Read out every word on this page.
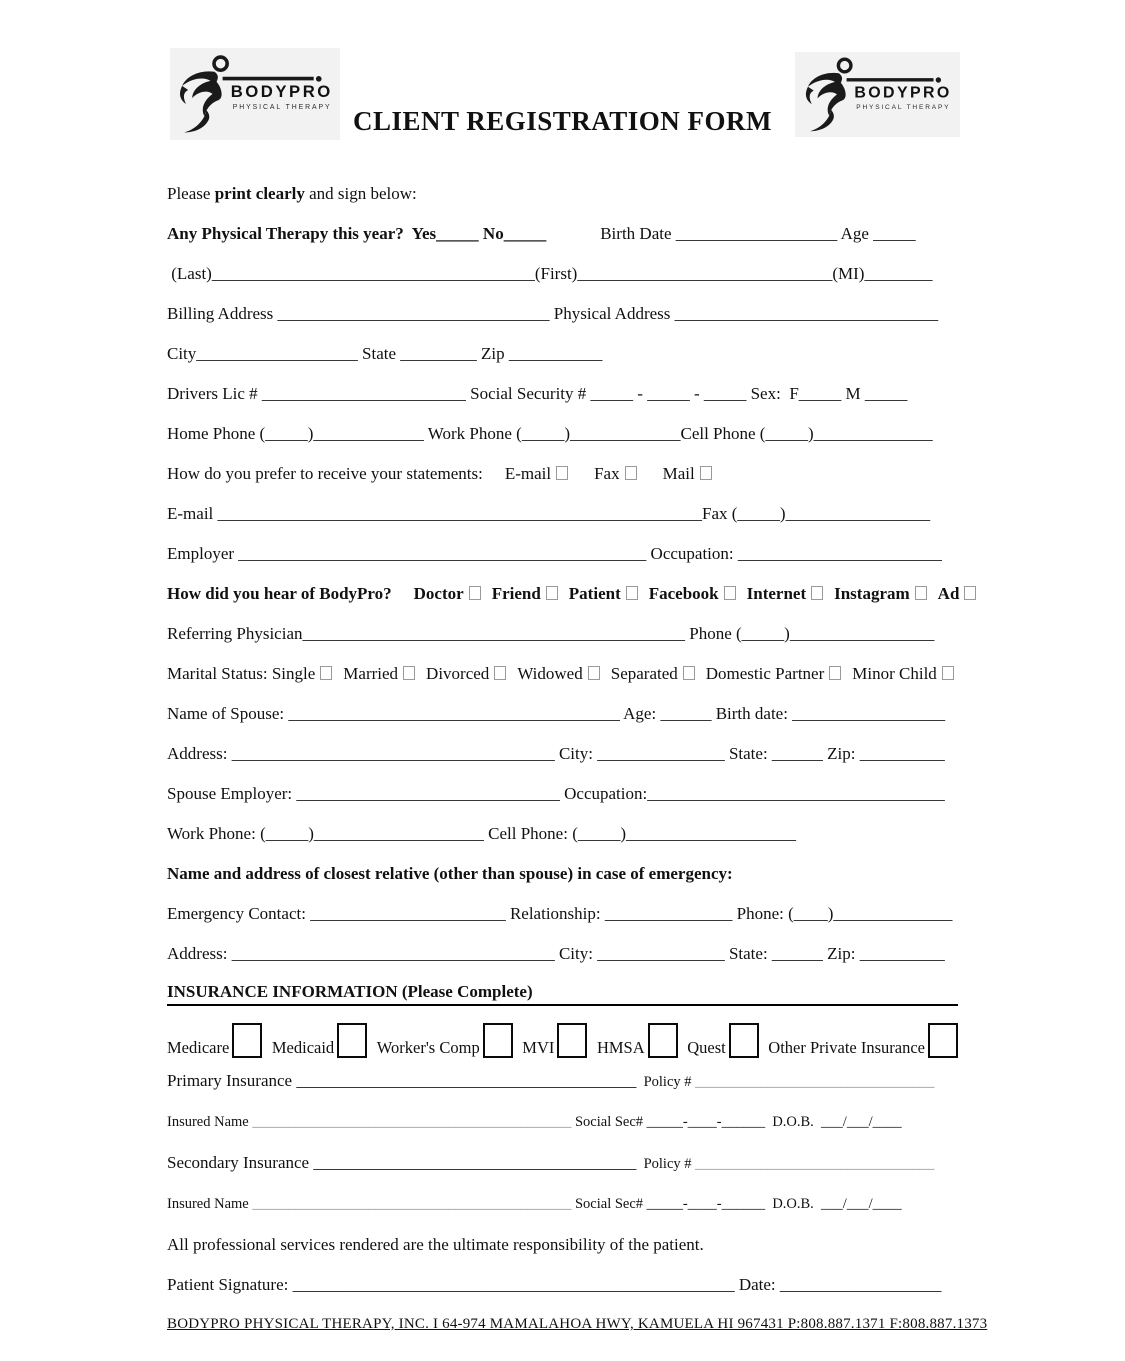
BODYPRO
PHYSICAL THERAPY
BODYPRO
PHYSICAL THERAPY
CLIENT REGISTRATION FORM
Please print clearly and sign below:
Any Physical Therapy this year?  Yes_____ No_____	Birth Date ___________________ Age _____
(Last)______________________________________(First)______________________________(MI)________
Billing Address ________________________________ Physical Address _______________________________
City___________________ State _________ Zip ___________
Drivers Lic # ________________________ Social Security # _____ - _____ - _____ Sex:  F_____ M _____
Home Phone (_____)_____________ Work Phone (_____)_____________Cell Phone (_____)______________
How do you prefer to receive your statements: E-mail	Fax	Mail
E-mail _________________________________________________________Fax (_____)_________________
Employer ________________________________________________ Occupation: ________________________
How did you hear of BodyPro? Doctor Friend Patient Facebook Internet Instagram Ad
Referring Physician_____________________________________________ Phone (_____)_________________
Marital Status: Single Married Divorced Widowed Separated Domestic Partner Minor Child
Name of Spouse: _______________________________________ Age: ______ Birth date: __________________
Address: ______________________________________ City: _______________ State: ______ Zip: __________
Spouse Employer: _______________________________ Occupation:___________________________________
Work Phone: (_____)____________________ Cell Phone: (_____)____________________
Name and address of closest relative (other than spouse) in case of emergency:
Emergency Contact: _______________________ Relationship: _______________ Phone: (____)______________
Address: ______________________________________ City: _______________ State: ______ Zip: __________
INSURANCE INFORMATION (Please Complete)
Medicare	Medicaid	Worker's Comp	MVI	HMSA	Quest	Other Private Insurance
Primary Insurance ________________________________________  Policy # _________________________________
Insured Name ____________________________________________ Social Sec# _____-____-______  D.O.B.  ___/___/____
Secondary Insurance ______________________________________  Policy # _________________________________
Insured Name ____________________________________________ Social Sec# _____-____-______  D.O.B.  ___/___/____
All professional services rendered are the ultimate responsibility of the patient.
Patient Signature: ____________________________________________________ Date: ___________________
BODYPRO PHYSICAL THERAPY, INC. I 64-974 MAMALAHOA HWY, KAMUELA HI 967431 P:808.887.1371 F:808.887.1373
